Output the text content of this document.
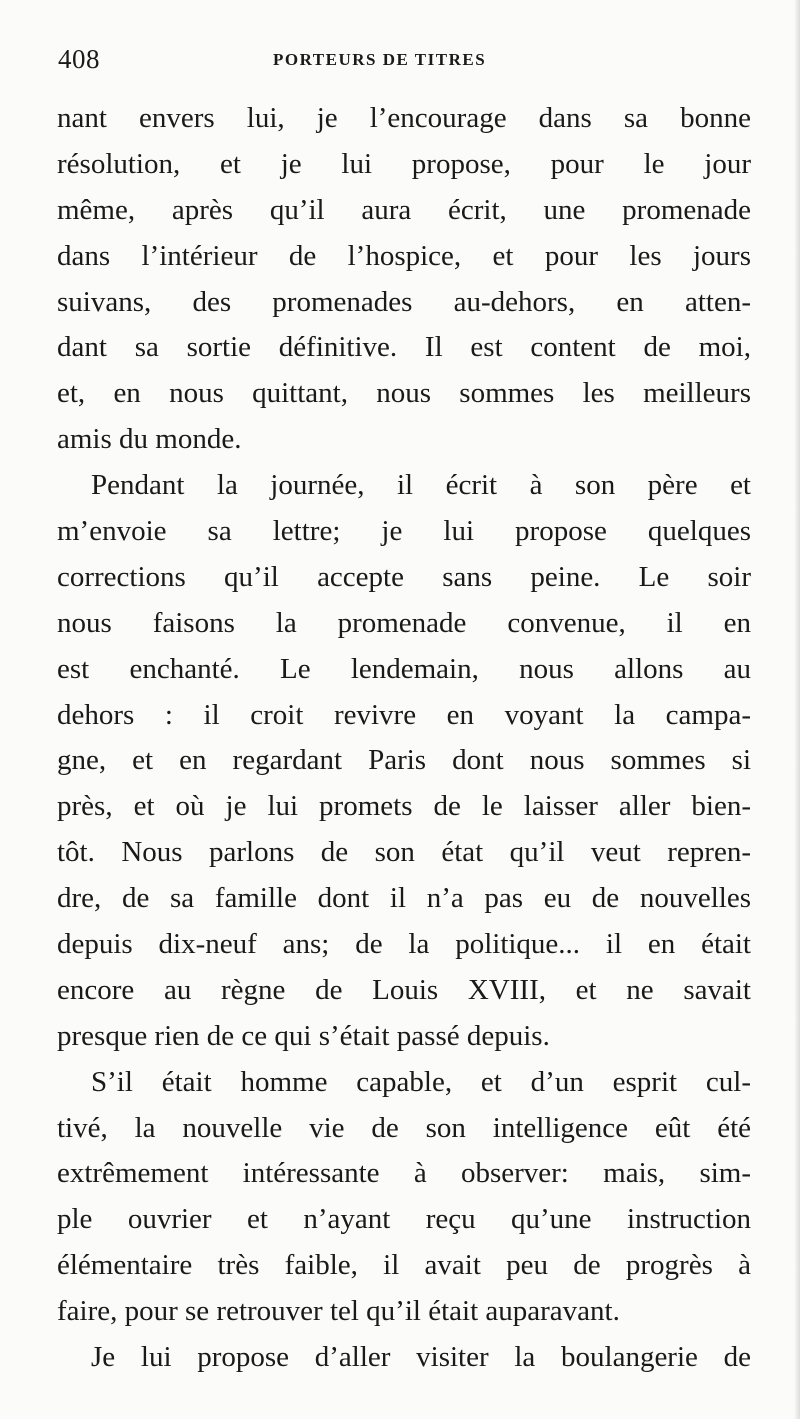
408	PORTEURS DE TITRES
nant envers lui, je l’encourage dans sa bonne
résolution, et je lui propose, pour le jour
même, après qu’il aura écrit, une promenade
dans l’intérieur de l’hospice, et pour les jours
suivans, des promenades au-dehors, en atten-
dant sa sortie définitive. Il est content de moi,
et, en nous quittant, nous sommes les meilleurs
amis du monde.
Pendant la journée, il écrit à son père et
m’envoie sa lettre; je lui propose quelques
corrections qu’il accepte sans peine. Le soir
nous faisons la promenade convenue, il en
est enchanté. Le lendemain, nous allons au
dehors : il croit revivre en voyant la campa-
gne, et en regardant Paris dont nous sommes si
près, et où je lui promets de le laisser aller bien-
tôt. Nous parlons de son état qu’il veut repren-
dre, de sa famille dont il n’a pas eu de nouvelles
depuis dix-neuf ans; de la politique... il en était
encore au règne de Louis XVIII, et ne savait
presque rien de ce qui s’était passé depuis.
S’il était homme capable, et d’un esprit cul-
tivé, la nouvelle vie de son intelligence eût été
extrêmement intéressante à observer: mais, sim-
ple ouvrier et n’ayant reçu qu’une instruction
élémentaire très faible, il avait peu de progrès à
faire, pour se retrouver tel qu’il était auparavant.
Je lui propose d’aller visiter la boulangerie de
